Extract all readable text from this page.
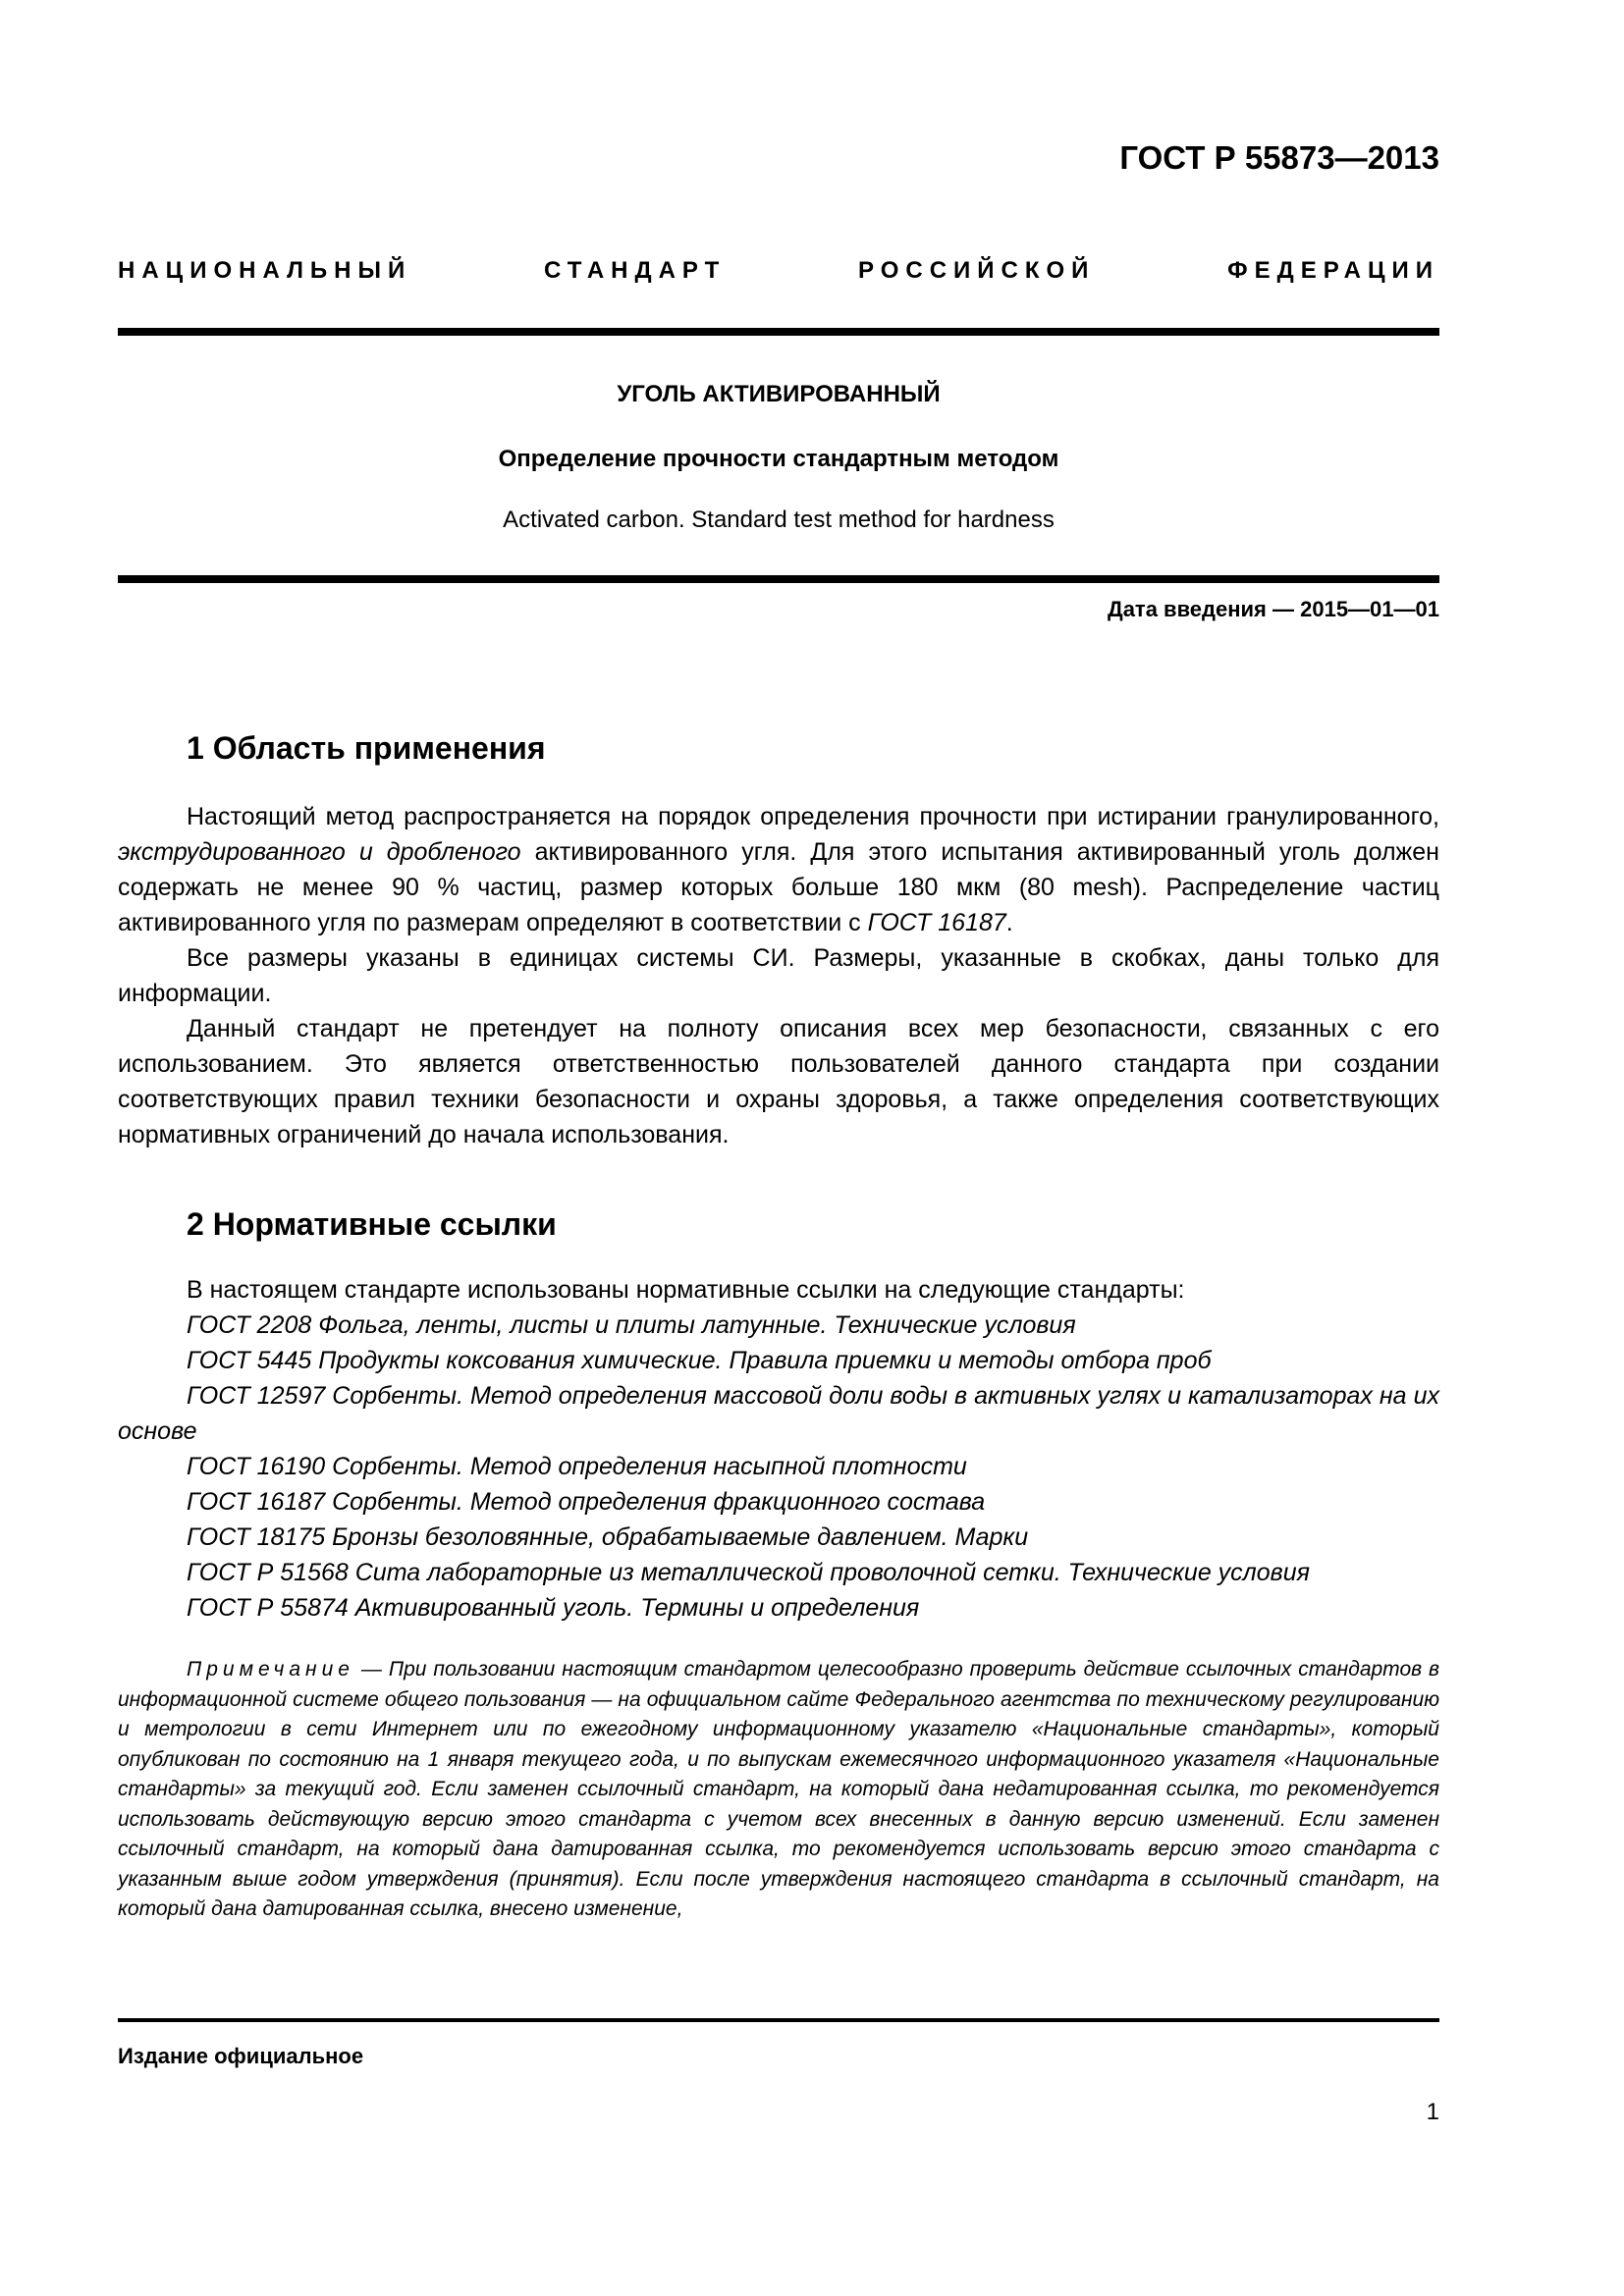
ГОСТ Р 55873—2013
НАЦИОНАЛЬНЫЙ СТАНДАРТ РОССИЙСКОЙ ФЕДЕРАЦИИ
УГОЛЬ АКТИВИРОВАННЫЙ
Определение прочности стандартным методом
Activated carbon. Standard test method for hardness
Дата введения — 2015—01—01
1 Область применения
Настоящий метод распространяется на порядок определения прочности при истирании гранулированного, экструдированного и дробленого активированного угля. Для этого испытания активированный уголь должен содержать не менее 90 % частиц, размер которых больше 180 мкм (80 mesh). Распределение частиц активированного угля по размерам определяют в соответствии с ГОСТ 16187.
Все размеры указаны в единицах системы СИ. Размеры, указанные в скобках, даны только для информации.
Данный стандарт не претендует на полноту описания всех мер безопасности, связанных с его использованием. Это является ответственностью пользователей данного стандарта при создании соответствующих правил техники безопасности и охраны здоровья, а также определения соответствующих нормативных ограничений до начала использования.
2 Нормативные ссылки
В настоящем стандарте использованы нормативные ссылки на следующие стандарты:
ГОСТ 2208 Фольга, ленты, листы и плиты латунные. Технические условия
ГОСТ 5445 Продукты коксования химические. Правила приемки и методы отбора проб
ГОСТ 12597 Сорбенты. Метод определения массовой доли воды в активных углях и катализаторах на их основе
ГОСТ 16190 Сорбенты. Метод определения насыпной плотности
ГОСТ 16187 Сорбенты. Метод определения фракционного состава
ГОСТ 18175 Бронзы безоловянные, обрабатываемые давлением. Марки
ГОСТ Р 51568 Сита лабораторные из металлической проволочной сетки. Технические условия
ГОСТ Р 55874 Активированный уголь. Термины и определения
Примечание — При пользовании настоящим стандартом целесообразно проверить действие ссылочных стандартов в информационной системе общего пользования — на официальном сайте Федерального агентства по техническому регулированию и метрологии в сети Интернет или по ежегодному информационному указателю «Национальные стандарты», который опубликован по состоянию на 1 января текущего года, и по выпускам ежемесячного информационного указателя «Национальные стандарты» за текущий год. Если заменен ссылочный стандарт, на который дана недатированная ссылка, то рекомендуется использовать действующую версию этого стандарта с учетом всех внесенных в данную версию изменений. Если заменен ссылочный стандарт, на который дана датированная ссылка, то рекомендуется использовать версию этого стандарта с указанным выше годом утверждения (принятия). Если после утверждения настоящего стандарта в ссылочный стандарт, на который дана датированная ссылка, внесено изменение,
Издание официальное
1
